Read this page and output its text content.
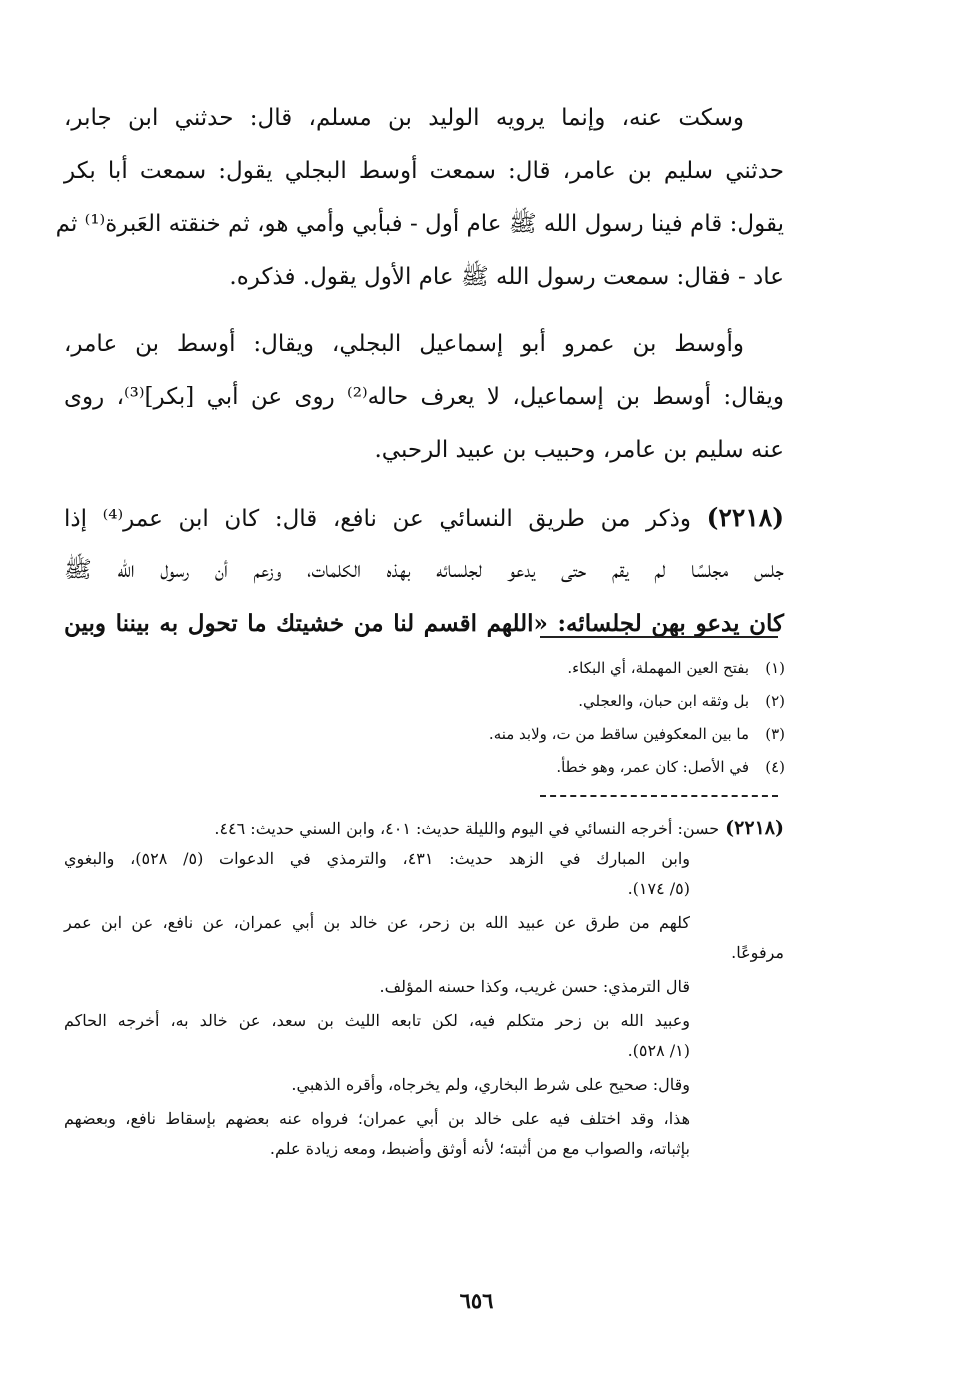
وسكت عنه، وإنما يرويه الوليد بن مسلم، قال: حدثني ابن جابر،
حدثني سليم بن عامر، قال: سمعت أوسط البجلي يقول: سمعت أبا بكر
يقول: قام فينا رسول الله ﷺ عام أول - فبأبي وأمي هو، ثم خنقته العَبرة⁽¹⁾ ثم
عاد - فقال: سمعت رسول الله ﷺ عام الأول يقول. فذكره.
وأوسط بن عمرو أبو إسماعيل البجلي، ويقال: أوسط بن عامر،
ويقال: أوسط بن إسماعيل، لا يعرف حاله⁽²⁾ روى عن أبي [بكر]⁽³⁾، روى
عنه سليم بن عامر، وحبيب بن عبيد الرحبي.
(٢٢١٨) وذكر من طريق النسائي عن نافع، قال: كان ابن عمر⁽⁴⁾ إذا
جلس مجلسًا لم يقم حتى يدعو لجلسائه بهذه الكلمات، وزعم أن رسول الله ﷺ
كان يدعو بهن لجلسائه: «اللهم اقسم لنا من خشيتك ما تحول به بيننا وبين
(١)
بفتح العين المهملة، أي البكاء.
(٢)
بل وثقه ابن حبان، والعجلي.
(٣)
ما بين المعكوفين ساقط من ت، ولابد منه.
(٤)
في الأصل: كان عمر، وهو خطأ.
(٢٢١٨)حسن: أخرجه النسائي في اليوم والليلة حديث: ٤٠١، وابن السني حديث: ٤٤٦.
وابن المبارك في الزهد حديث: ٤٣١، والترمذي في الدعوات (٥/ ٥٢٨)، والبغوي
(٥/ ١٧٤).
كلهم من طرق عن عبيد الله بن زحر، عن خالد بن أبي عمران، عن نافع، عن ابن عمر
مرفوعًا.
قال الترمذي: حسن غريب، وكذا حسنه المؤلف.
وعبيد الله بن زحر متكلم فيه، لكن تابعه الليث بن سعد، عن خالد به، أخرجه الحاكم
(١/ ٥٢٨).
وقال: صحيح على شرط البخاري، ولم يخرجاه، وأقره الذهبي.
هذا، وقد اختلف فيه على خالد بن أبي عمران؛ فرواه عنه بعضهم بإسقاط نافع، وبعضهم
بإثباته، والصواب مع من أثبته؛ لأنه أوثق وأضبط، ومعه زيادة علم.
٦٥٦
